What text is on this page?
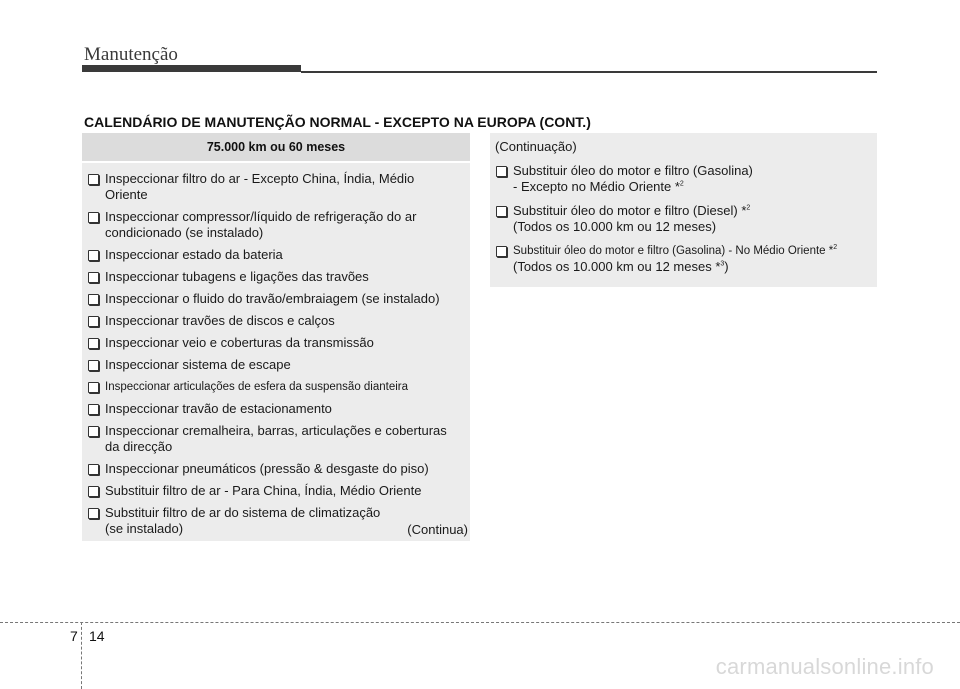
Manutenção
CALENDÁRIO DE MANUTENÇÃO NORMAL - EXCEPTO NA EUROPA (CONT.)
75.000 km ou 60 meses
Inspeccionar filtro do ar - Excepto China, Índia, Médio
Oriente
Inspeccionar compressor/líquido de refrigeração do ar
condicionado (se instalado)
Inspeccionar estado da bateria
Inspeccionar tubagens e ligações das travões
Inspeccionar o fluido do travão/embraiagem (se instalado)
Inspeccionar travões de discos e calços
Inspeccionar veio e coberturas da transmissão
Inspeccionar sistema de escape
Inspeccionar articulações de esfera da suspensão dianteira
Inspeccionar travão de estacionamento
Inspeccionar cremalheira, barras, articulações e coberturas
da direcção
Inspeccionar pneumáticos (pressão & desgaste do piso)
Substituir filtro de ar - Para China, Índia, Médio Oriente
Substituir filtro de ar do sistema de climatização
(se instalado)	(Continua)
(Continuação)
Substituir óleo do motor e filtro (Gasolina)
- Excepto no Médio Oriente *$^2$
Substituir óleo do motor e filtro (Diesel) *$^2$
(Todos os 10.000 km ou 12 meses)
Substituir óleo do motor e filtro (Gasolina) - No Médio Oriente *$^2$
(Todos os 10.000 km ou 12 meses *$^3$)
7 14
carmanualsonline.info
